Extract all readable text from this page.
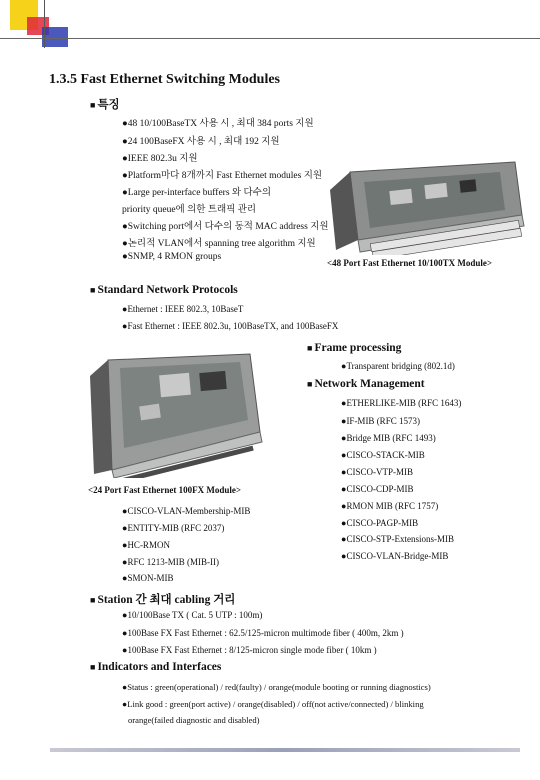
1.3.5 Fast Ethernet Switching Modules
■ 특징
●48 10/100BaseTX 사용 시 , 최대 384 ports 지원
●24 100BaseFX 사용 시 , 최대 192 지원
●IEEE 802.3u 지원
●Platform마다 8개까지 Fast Ethernet modules 지원
●Large per-interface buffers 와 다수의
priority queue에 의한 트래픽 관리
●Switching port에서 다수의 동적 MAC address 지원
●논리적 VLAN에서 spanning tree algorithm 지원
●SNMP, 4 RMON groups
<48 Port Fast Ethernet 10/100TX Module>
■ Standard Network Protocols
●Ethernet : IEEE 802.3, 10BaseT
●Fast Ethernet : IEEE 802.3u, 100BaseTX, and 100BaseFX
■ Frame processing
●Transparent bridging (802.1d)
■ Network Management
●ETHERLIKE-MIB (RFC 1643)
●IF-MIB (RFC 1573)
●Bridge MIB (RFC 1493)
●CISCO-STACK-MIB
●CISCO-VTP-MIB
●CISCO-CDP-MIB
●RMON MIB (RFC 1757)
●CISCO-PAGP-MIB
●CISCO-STP-Extensions-MIB
●CISCO-VLAN-Bridge-MIB
<24 Port Fast Ethernet 100FX Module>
●CISCO-VLAN-Membership-MIB
●ENTITY-MIB (RFC 2037)
●HC-RMON
●RFC 1213-MIB (MIB-II)
●SMON-MIB
■ Station 간 최대 cabling 거리
●10/100Base TX ( Cat. 5 UTP : 100m)
●100Base FX Fast Ethernet : 62.5/125-micron multimode fiber ( 400m, 2km )
●100Base FX Fast Ethernet : 8/125-micron single mode fiber ( 10km )
■ Indicators and Interfaces
●Status : green(operational) / red(faulty) / orange(module booting or running diagnostics)
●Link good : green(port active) / orange(disabled) / off(not active/connected) / blinking
orange(failed diagnostic and disabled)
